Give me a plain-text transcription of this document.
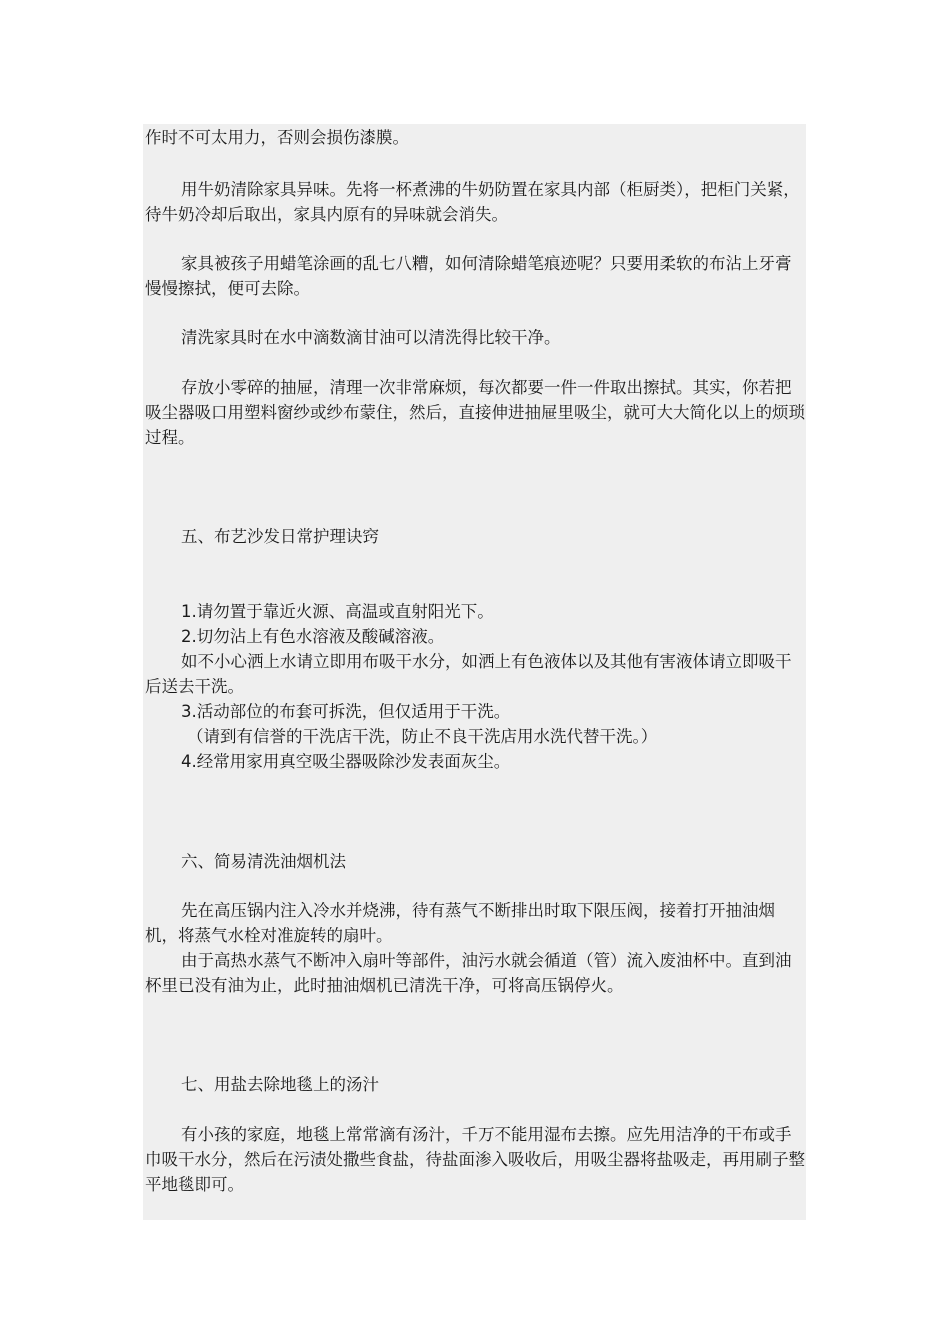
作时不可太用力，否则会损伤漆膜。

用牛奶清除家具异味。先将一杯煮沸的牛奶防置在家具内部（柜厨类），把柜门关紧，待牛奶冷却后取出，家具内原有的异味就会消失。

家具被孩子用蜡笔涂画的乱七八糟，如何清除蜡笔痕迹呢？只要用柔软的布沾上牙膏慢慢擦拭，便可去除。

清洗家具时在水中滴数滴甘油可以清洗得比较干净。

存放小零碎的抽屉，清理一次非常麻烦，每次都要一件一件取出擦拭。其实，你若把吸尘器吸口用塑料窗纱或纱布蒙住，然后，直接伸进抽屉里吸尘，就可大大简化以上的烦琐过程。

五、布艺沙发日常护理诀窍

1.请勿置于靠近火源、高温或直射阳光下。

2.切勿沾上有色水溶液及酸碱溶液。

如不小心洒上水请立即用布吸干水分，如洒上有色液体以及其他有害液体请立即吸干后送去干洗。

3.活动部位的布套可拆洗，但仅适用于干洗。

（请到有信誉的干洗店干洗，防止不良干洗店用水洗代替干洗。）

4.经常用家用真空吸尘器吸除沙发表面灰尘。

六、简易清洗油烟机法

先在高压锅内注入冷水并烧沸，待有蒸气不断排出时取下限压阀，接着打开抽油烟机，将蒸气水栓对准旋转的扇叶。

由于高热水蒸气不断冲入扇叶等部件，油污水就会循道（管）流入废油杯中。直到油杯里已没有油为止，此时抽油烟机已清洗干净，可将高压锅停火。

七、用盐去除地毯上的汤汁

有小孩的家庭，地毯上常常滴有汤汁，千万不能用湿布去擦。应先用洁净的干布或手巾吸干水分，然后在污渍处撒些食盐，待盐面渗入吸收后，用吸尘器将盐吸走，再用刷子整平地毯即可。
